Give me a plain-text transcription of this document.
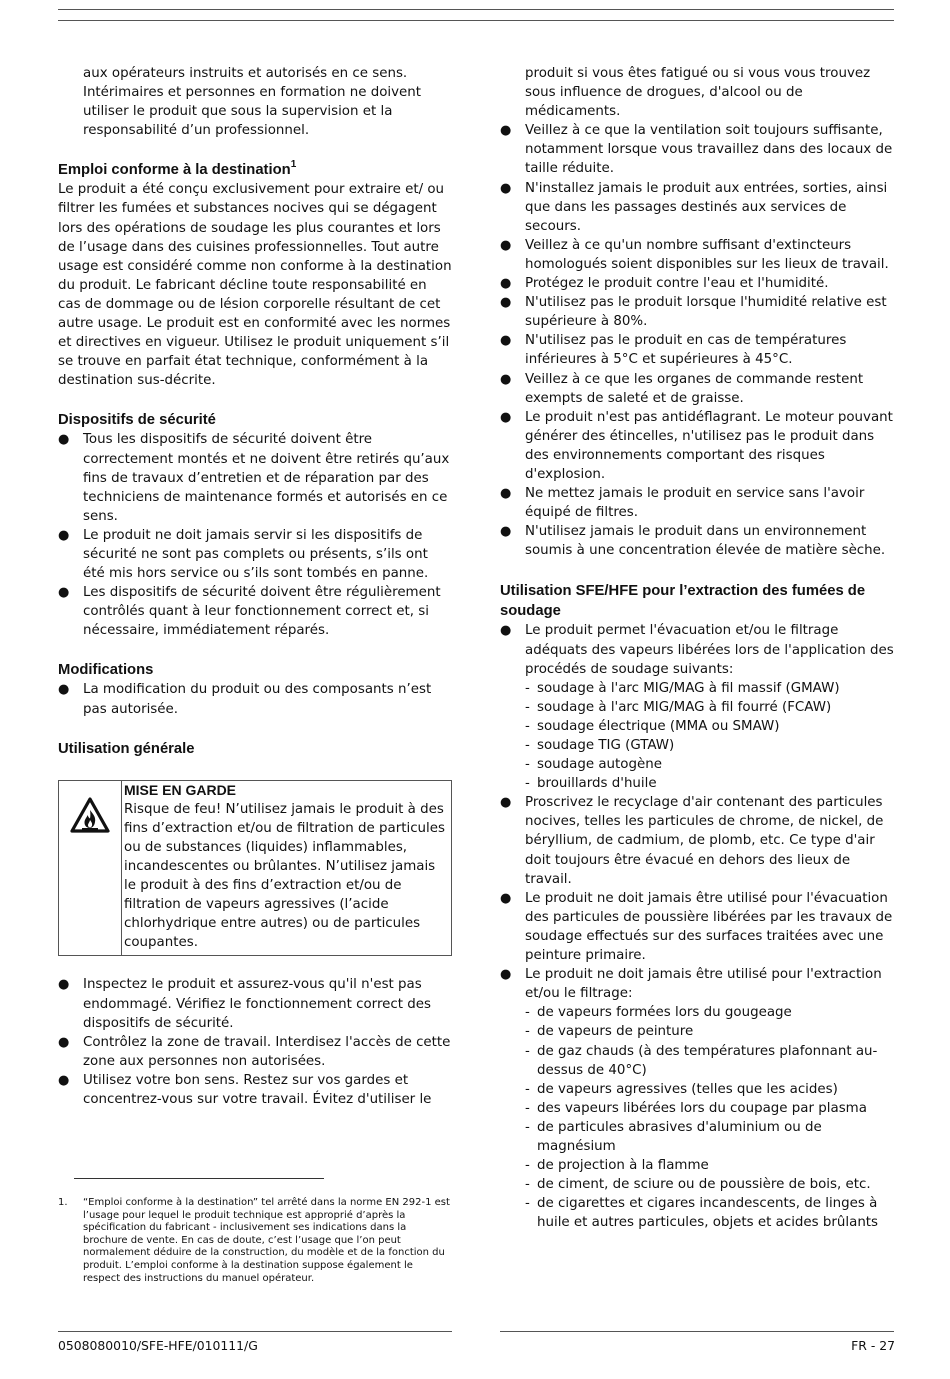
aux opérateurs instruits et autorisés en ce sens. Intérimaires et personnes en formation ne doivent utiliser le produit que sous la supervision et la responsabilité d’un professionnel.

Emploi conforme à la destination$^1$

Le produit a été conçu exclusivement pour extraire et/ ou filtrer les fumées et substances nocives qui se dégagent lors des opérations de soudage les plus courantes et lors de l’usage dans des cuisines professionnelles. Tout autre usage est considéré comme non conforme à la destination du produit. Le fabricant décline toute responsabilité en cas de dommage ou de lésion corporelle résultant de cet autre usage. Le produit est en conformité avec les normes et directives en vigueur. Utilisez le produit uniquement s’il se trouve en parfait état technique, conformément à la destination sus-décrite.

Dispositifs de sécurité
● Tous les dispositifs de sécurité doivent être correctement montés et ne doivent être retirés qu’aux fins de travaux d’entretien et de réparation par des techniciens de maintenance formés et autorisés en ce sens.
● Le produit ne doit jamais servir si les dispositifs de sécurité ne sont pas complets ou présents, s’ils ont été mis hors service ou s’ils sont tombés en panne.
● Les dispositifs de sécurité doivent être régulièrement contrôlés quant à leur fonctionnement correct et, si nécessaire, immédiatement réparés.
Modifications
● La modification du produit ou des composants n’est pas autorisée.
Utilisation générale
MISE EN GARDE
Risque de feu! N’utilisez jamais le produit à des fins d’extraction et/ou de filtration de particules ou de substances (liquides) inflammables, incandescentes ou brûlantes. N’utilisez jamais le produit à des fins d’extraction et/ou de filtration de vapeurs agressives (l’acide chlorhydrique entre autres) ou de particules coupantes.
● Inspectez le produit et assurez-vous qu'il n'est pas endommagé. Vérifiez le fonctionnement correct des dispositifs de sécurité.
● Contrôlez la zone de travail. Interdisez l'accès de cette zone aux personnes non autorisées.
● Utilisez votre bon sens. Restez sur vos gardes et concentrez-vous sur votre travail. Évitez d'utiliser le
1.	“Emploi conforme à la destination” tel arrêté dans la norme EN 292-1 est l’usage pour lequel le produit technique est approprié d’après la spécification du fabricant - inclusivement ses indications dans la brochure de vente. En cas de doute, c’est l’usage que l’on peut normalement déduire de la construction, du modèle et de la fonction du produit. L’emploi conforme à la destination suppose également le respect des instructions du manuel opérateur.

produit si vous êtes fatigué ou si vous vous trouvez sous influence de drogues, d'alcool ou de médicaments.

● Veillez à ce que la ventilation soit toujours suffisante, notamment lorsque vous travaillez dans des locaux de taille réduite.
● N'installez jamais le produit aux entrées, sorties, ainsi que dans les passages destinés aux services de secours.
● Veillez à ce qu'un nombre suffisant d'extincteurs homologués soient disponibles sur les lieux de travail.
● Protégez le produit contre l'eau et l'humidité.
● N'utilisez pas le produit lorsque l'humidité relative est supérieure à 80%.
● N'utilisez pas le produit en cas de températures inférieures à 5°C et supérieures à 45°C.
● Veillez à ce que les organes de commande restent exempts de saleté et de graisse.
● Le produit n'est pas antidéflagrant. Le moteur pouvant générer des étincelles, n'utilisez pas le produit dans des environnements comportant des risques d'explosion.
● Ne mettez jamais le produit en service sans l'avoir équipé de filtres.
● N'utilisez jamais le produit dans un environnement soumis à une concentration élevée de matière sèche.
Utilisation SFE/HFE pour l’extraction des fumées de soudage
● Le produit permet l'évacuation et/ou le filtrage adéquats des vapeurs libérées lors de l'application des procédés de soudage suivants:
- soudage à l'arc MIG/MAG à fil massif (GMAW)
- soudage à l'arc MIG/MAG à fil fourré (FCAW)
- soudage électrique (MMA ou SMAW)
- soudage TIG (GTAW)
- soudage autogène
- brouillards d'huile
● Proscrivez le recyclage d'air contenant des particules nocives, telles les particules de chrome, de nickel, de béryllium, de cadmium, de plomb, etc. Ce type d'air doit toujours être évacué en dehors des lieux de travail.
● Le produit ne doit jamais être utilisé pour l'évacuation des particules de poussière libérées par les travaux de soudage effectués sur des surfaces traitées avec une peinture primaire.
● Le produit ne doit jamais être utilisé pour l'extraction et/ou le filtrage:
- de vapeurs formées lors du gougeage
- de vapeurs de peinture
- de gaz chauds (à des températures plafonnant au-dessus de 40°C)
- de vapeurs agressives (telles que les acides)
- des vapeurs libérées lors du coupage par plasma
- de particules abrasives d'aluminium ou de magnésium
- de projection à la flamme
- de ciment, de sciure ou de poussière de bois, etc.
- de cigarettes et cigares incandescents, de linges à huile et autres particules, objets et acides brûlants
0508080010/SFE-HFE/010111/G	FR - 27
